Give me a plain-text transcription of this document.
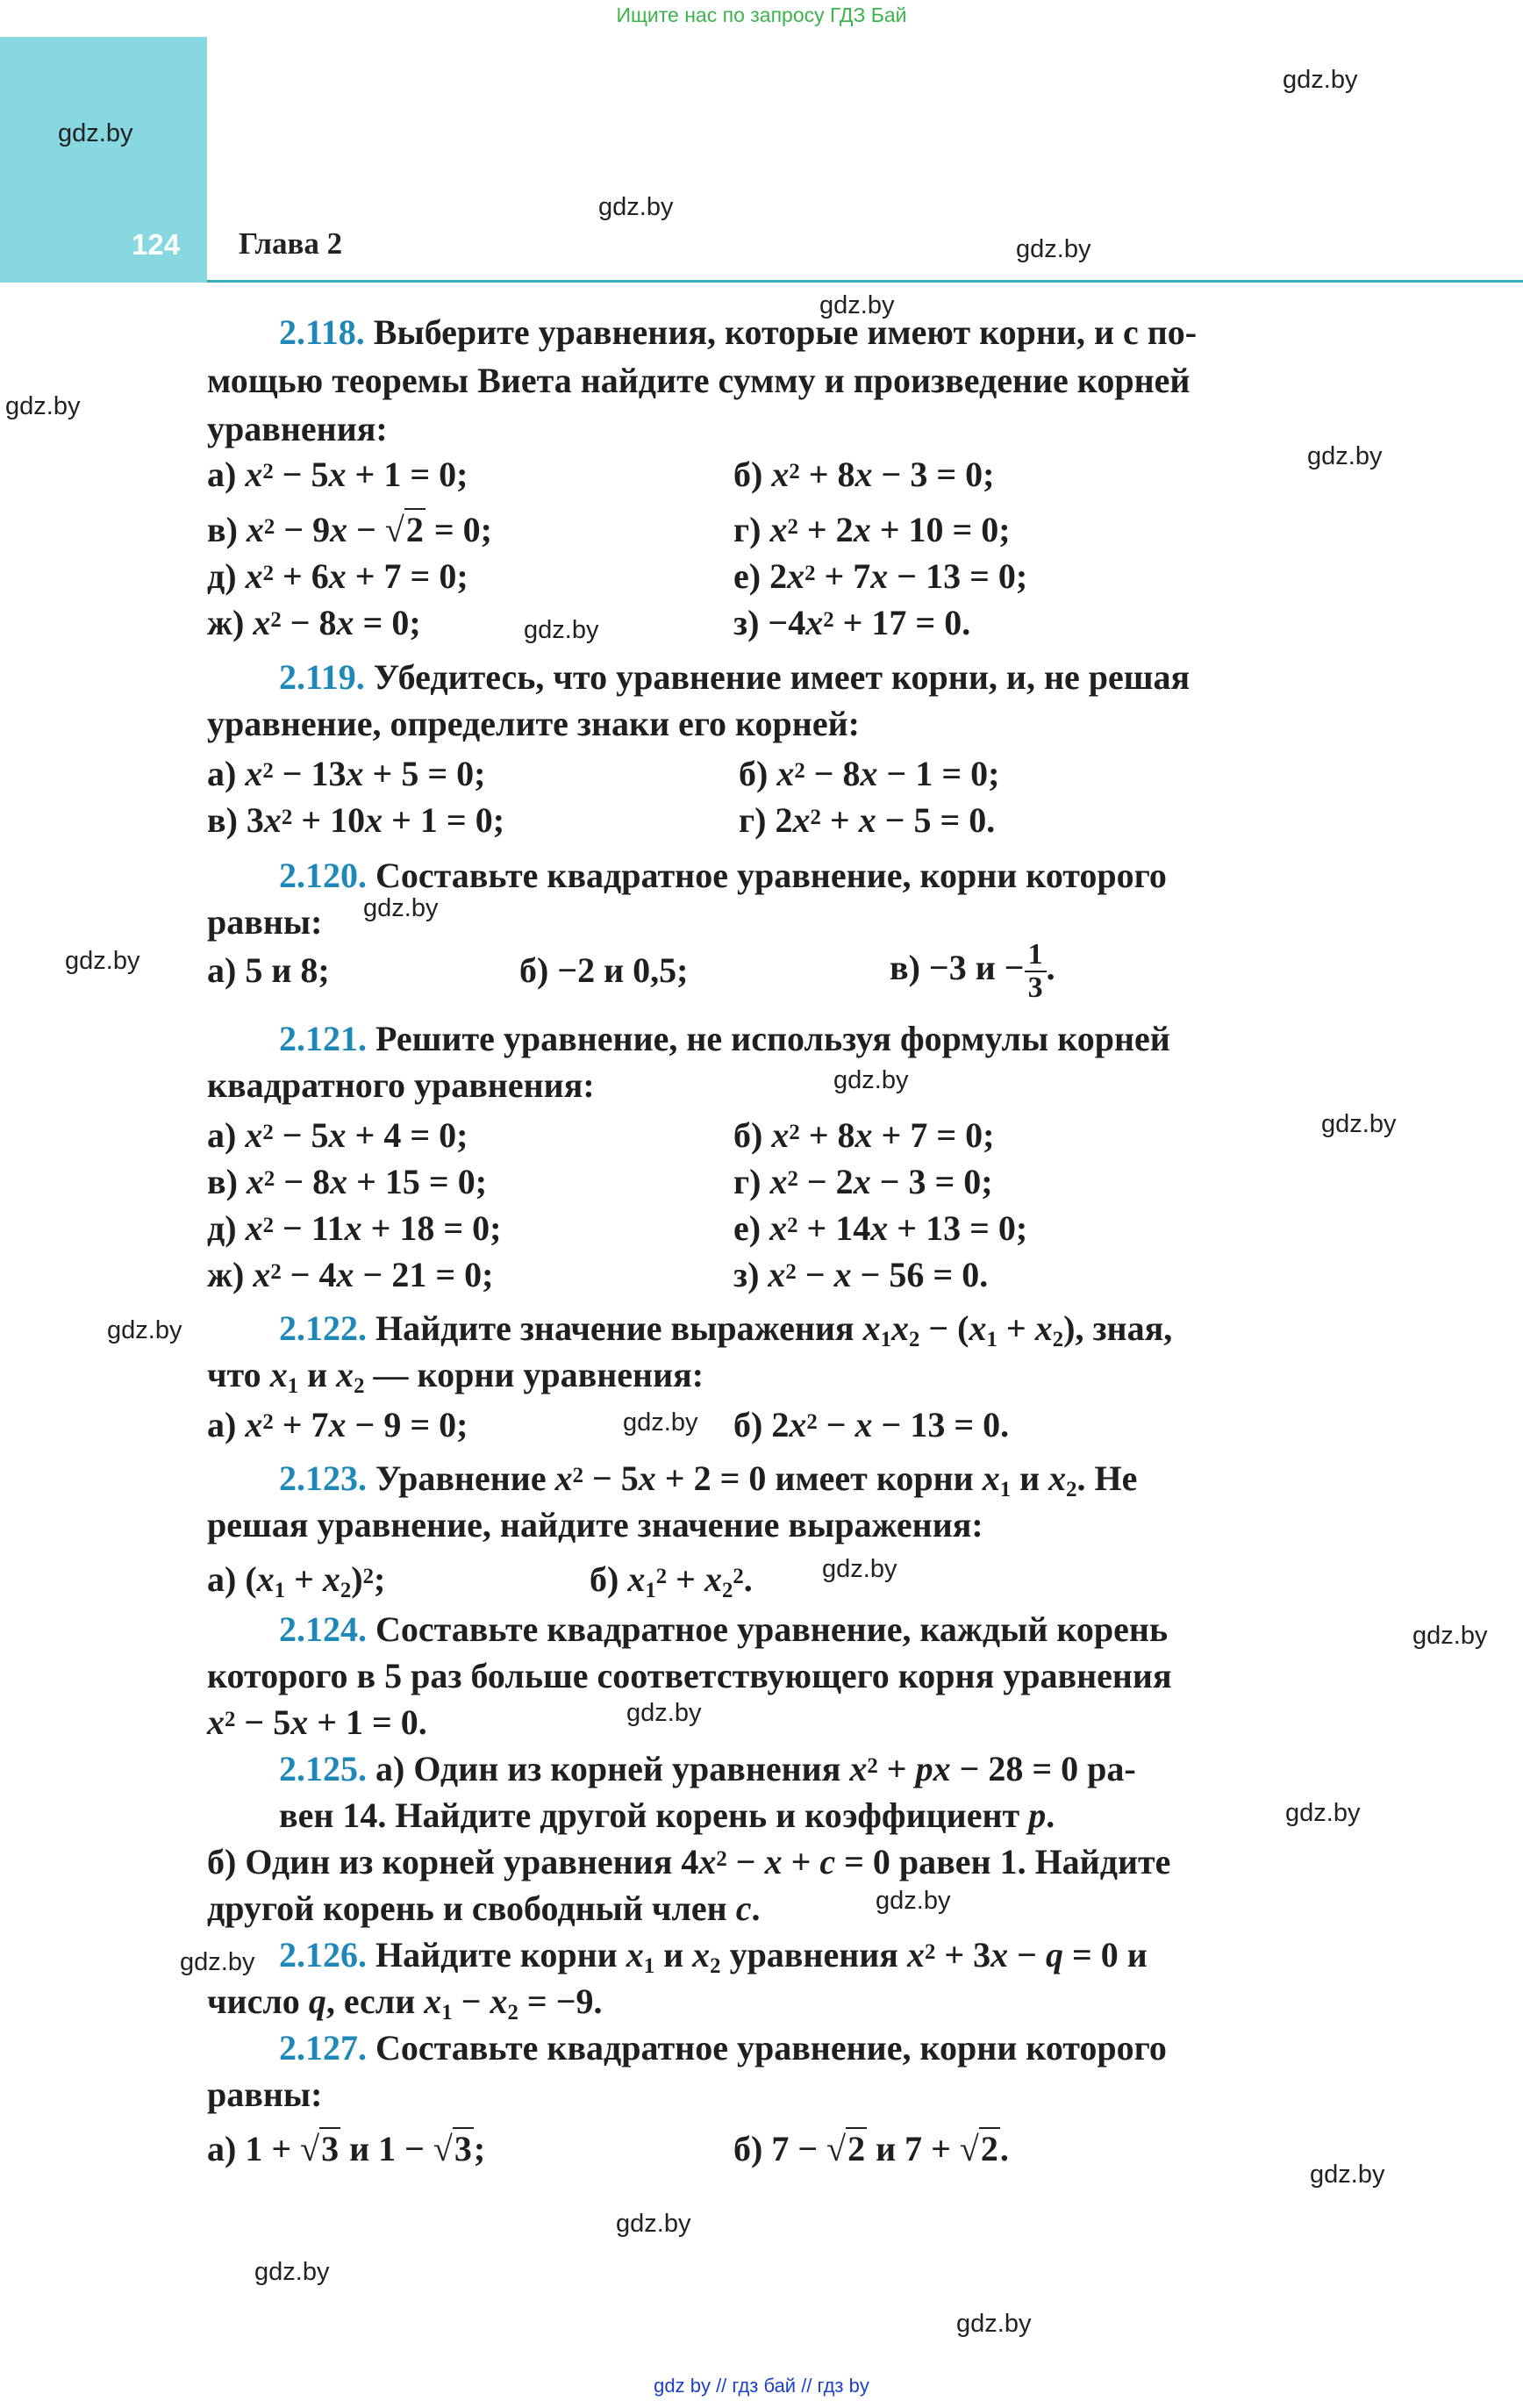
Ищите нас по запросу ГДЗ Бай
124 Глава 2
gdz.by
gdz.by
gdz.by
gdz.by
gdz.by
gdz.by
gdz.by
gdz.by
gdz.by
gdz.by
gdz.by
gdz.by
gdz.by
gdz.by
gdz.by
gdz.by
gdz.by
gdz.by
gdz.by
gdz.by
gdz.by
gdz.by
gdz.by
gdz.by
2.118. Выберите уравнения, которые имеют корни, и с по-
мощью теоремы Виета найдите сумму и произведение корней
уравнения:
а) $x^2 - 5x + 1 = 0$;	б) $x^2 + 8x - 3 = 0$;
в) $x^2 - 9x - √2 = 0$;	г) $x^2 + 2x + 10 = 0$;
д) $x^2 + 6x + 7 = 0$;	е) $2x^2 + 7x - 13 = 0$;
ж) $x^2 - 8x = 0$;	$з) -4x^2 + 17 = 0$.
2.119. Убедитесь, что уравнение имеет корни, и, не решая
уравнение, определите знаки его корней:
а) $x^2 - 13x + 5 = 0$;	б) $x^2 - 8x - 1 = 0$;
в) $3x^2 + 10x + 1 = 0$;	г) $2x^2 + x - 5 = 0$.
2.120. Составьте квадратное уравнение, корни которого
равны:
а) 5 и 8;	б) −2 и 0,5;	в) −3 $и - \frac{1}{3}$ .
2.121. Решите уравнение, не используя формулы корней
квадратного уравнения:
а) $x^2 - 5x + 4 = 0$;	б) $x^2 + 8x + 7 = 0$;
в) $x^2 - 8x + 15 = 0$;	г) $x^2 - 2x - 3 = 0$;
д) $x^2 - 11x + 18 = 0$;	е) $x^2 + 14x + 13 = 0$;
ж) $x^2 - 4x - 21 = 0$;	з) $x^2 - x - 56 = 0$.
2.122. Найдите значение выражения $x_1x_2 - (x_1 + x_2)$, зная,
что $x_1$ и $x_2$ — корни уравнения:
а) $x^2 + 7x - 9 = 0$;	б) $2x^2 - x - 13 = 0$.
2.123. Уравнение $x^2 - 5x + 2 = 0$ имеет корни $x_1$ и $x_2$. Не
решая уравнение, найдите значение выражения:
а) $(x_1 + x_2)^2$;	б) $x_1^2 + x_2^2$.
2.124. Составьте квадратное уравнение, каждый корень
которого в 5 раз больше соответствующего корня уравнения
$x^2 - 5x + 1 = 0$.
2.125. а) Один из корней уравнения $x^2$ + px − 28 = 0 ра-
вен 14. Найдите другой корень и коэффициент p.
б) Один из корней уравнения $4x^2 - x + c = 0$ равен 1. Найдите
другой корень и свободный член c.
2.126. Найдите корни $x_1$ и $x_2$ уравнения $x^2 + 3x - q = 0$ и
число q, если $x_1 - x_2 = -9$.
2.127. Составьте квадратное уравнение, корни которого
равны:
а) 1 + √3 и 1 − √3;	б) 7 − √2 и 7 + √2.
gdz by // гдз бай // гдз by
